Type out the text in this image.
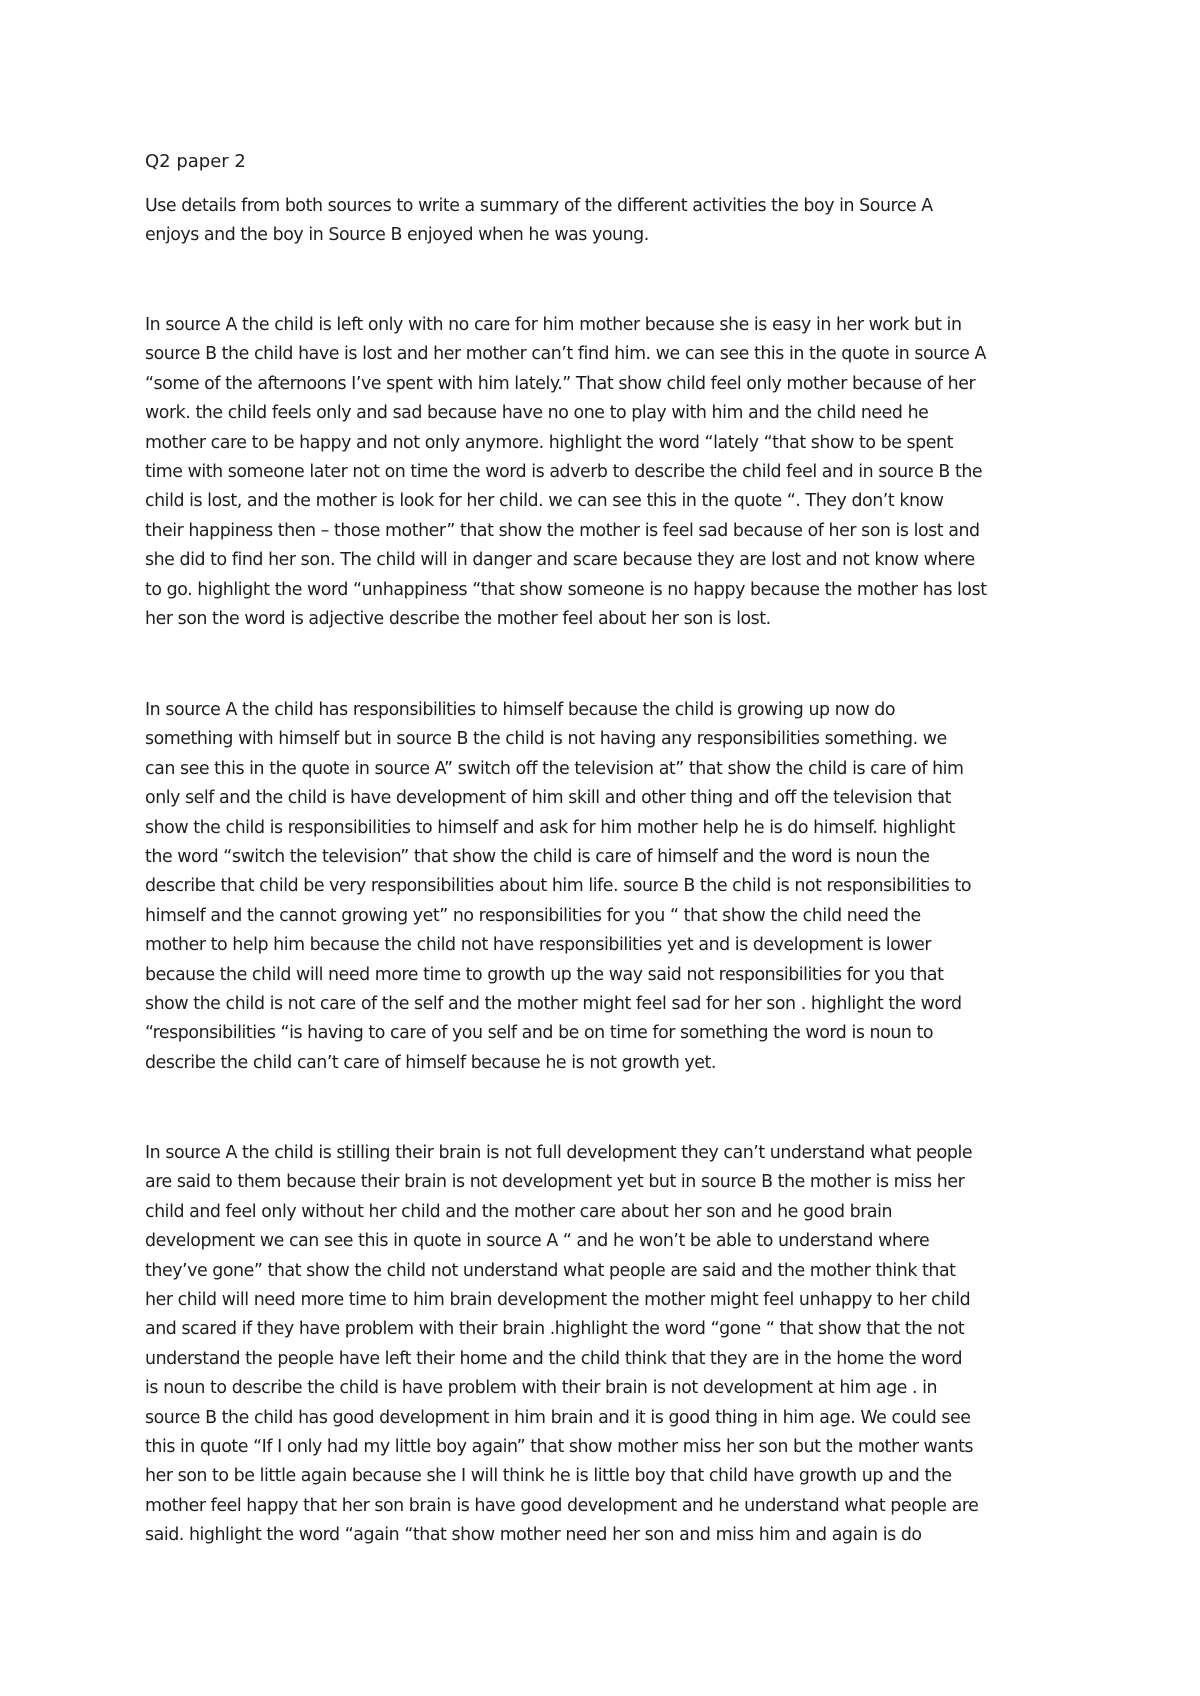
Q2 paper 2
Use details from both sources to write a summary of the different activities the boy in Source A
enjoys and the boy in Source B enjoyed when he was young.
In source A the child is left only with no care for him mother because she is easy in her work but in
source B the child have is lost and her mother can’t find him. we can see this in the quote in source A
“some of the afternoons I’ve spent with him lately.” That show child feel only mother because of her
work. the child feels only and sad because have no one to play with him and the child need he
mother care to be happy and not only anymore. highlight the word “lately “that show to be spent
time with someone later not on time the word is adverb to describe the child feel and in source B the
child is lost, and the mother is look for her child. we can see this in the quote “. They don’t know
their happiness then – those mother” that show the mother is feel sad because of her son is lost and
she did to find her son. The child will in danger and scare because they are lost and not know where
to go. highlight the word “unhappiness “that show someone is no happy because the mother has lost
her son the word is adjective describe the mother feel about her son is lost.
In source A the child has responsibilities to himself because the child is growing up now do
something with himself but in source B the child is not having any responsibilities something. we
can see this in the quote in source A” switch off the television at” that show the child is care of him
only self and the child is have development of him skill and other thing and off the television that
show the child is responsibilities to himself and ask for him mother help he is do himself. highlight
the word “switch the television” that show the child is care of himself and the word is noun the
describe that child be very responsibilities about him life. source B the child is not responsibilities to
himself and the cannot growing yet” no responsibilities for you “ that show the child need the
mother to help him because the child not have responsibilities yet and is development is lower
because the child will need more time to growth up the way said not responsibilities for you that
show the child is not care of the self and the mother might feel sad for her son . highlight the word
“responsibilities “is having to care of you self and be on time for something the word is noun to
describe the child can’t care of himself because he is not growth yet.
In source A the child is stilling their brain is not full development they can’t understand what people
are said to them because their brain is not development yet but in source B the mother is miss her
child and feel only without her child and the mother care about her son and he good brain
development we can see this in quote in source A “ and he won’t be able to understand where
they’ve gone” that show the child not understand what people are said and the mother think that
her child will need more time to him brain development the mother might feel unhappy to her child
and scared if they have problem with their brain .highlight the word “gone “ that show that the not
understand the people have left their home and the child think that they are in the home the word
is noun to describe the child is have problem with their brain is not development at him age . in
source B the child has good development in him brain and it is good thing in him age. We could see
this in quote “If I only had my little boy again” that show mother miss her son but the mother wants
her son to be little again because she I will think he is little boy that child have growth up and the
mother feel happy that her son brain is have good development and he understand what people are
said. highlight the word “again “that show mother need her son and miss him and again is do
